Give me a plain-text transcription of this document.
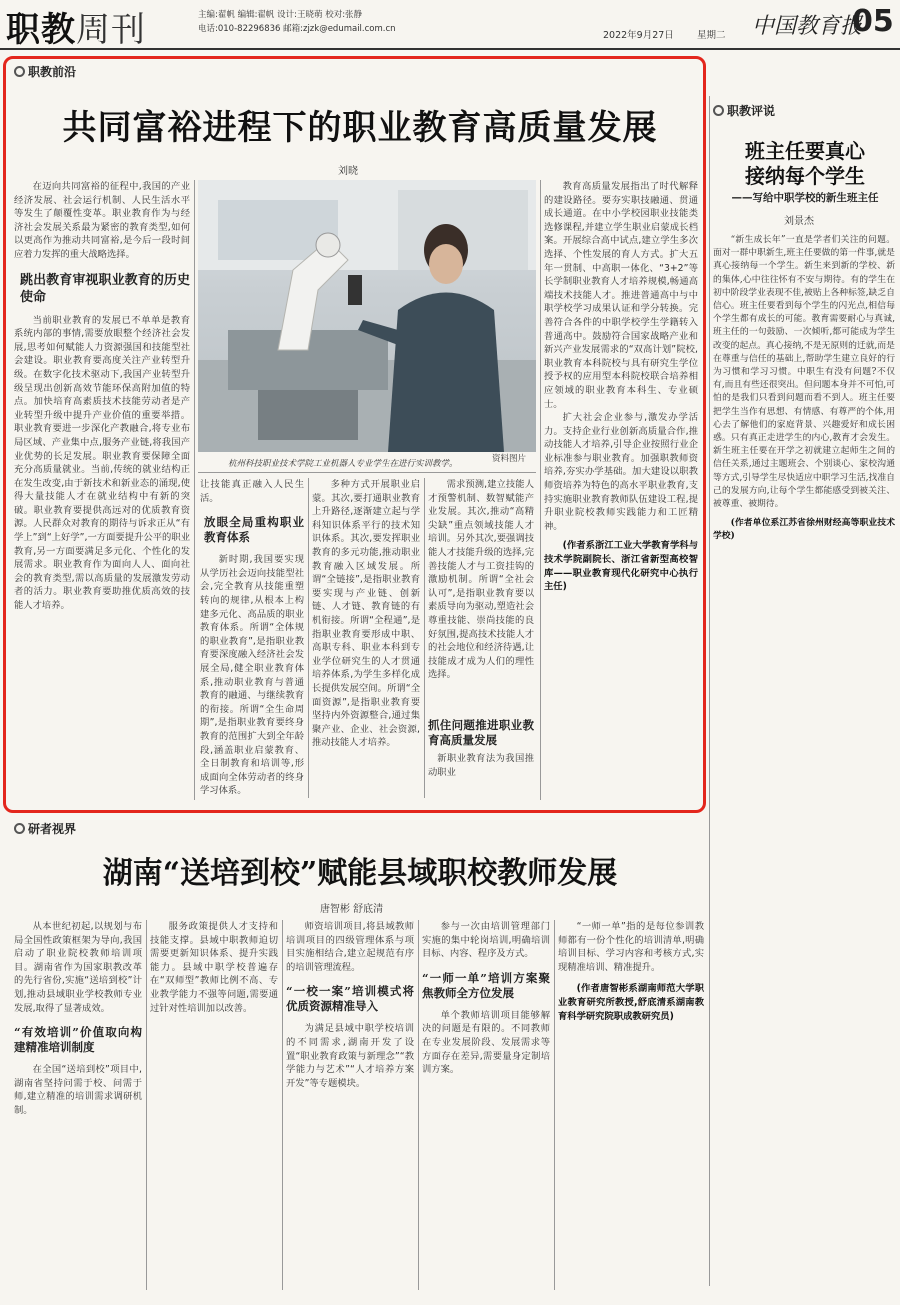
职教周刊	主编:翟帆 编辑:翟帆 设计:王晓萌 校对:张静
电话:010-82296836 邮箱:zjzk@edumail.com.cn
2022年9月27日 星期二 中国教育报
05
职教前沿
共同富裕进程下的职业教育高质量发展
刘晓

在迈向共同富裕的征程中,我国的产业经济发展、社会运行机制、人民生活水平等发生了颠覆性变革。职业教育作为与经济社会发展关系最为紧密的教育类型,如何以更高作为推动共同富裕,是今后一段时间应着力发挥的重大战略选择。

跳出教育审视职业教育的历史使命

当前职业教育的发展已不单单是教育系统内部的事情,需要放眼整个经济社会发展,思考如何赋能人力资源强国和技能型社会建设。职业教育要高度关注产业转型升级。在数字化技术驱动下,我国产业转型升级呈现出创新高效节能环保高附加值的特点。加快培育高素质技术技能劳动者是产业转型升级中提升产业价值的重要举措。职业教育要进一步深化产教融合,将专业布局区域、产业集中点,服务产业链,将我国产业优势的长足发展。职业教育要保障全面充分高质量就业。当前,传统的就业结构正在发生改变,由于新技术和新业态的涌现,使得大量技能人才在就业结构中有新的突破。职业教育要提供高远对的优质教育资源。人民群众对教育的期待与诉求正从“有学上”到“上好学”,一方面要提升公平的职业教育,另一方面要满足多元化、个性化的发展需求。职业教育作为面向人人、面向社会的教育类型,需以高质量的发展激发劳动者的活力。职业教育要助推优质高效的技能人才培养。

杭州科技职业技术学院工业机器人专业学生在进行实训教学。	资料图片

让技能真正融入人民生活。

放眼全局重构职业教育体系

新时期,我国要实现从学历社会迈向技能型社会,完全教育从技能重塑转向的规律,从根本上构建多元化、高品质的职业教育体系。所谓“全体规的职业教育”,是指职业教育要深度融入经济社会发展全局,健全职业教育体系,推动职业教育与普通教育的融通、与继续教育的衔接。所谓“全生命周期”,是指职业教育要终身教育的范围扩大到全年龄段,涵盖职业启蒙教育、全日制教育和培训等,形成面向全体劳动者的终身学习体系。

多种方式开展职业启蒙。其次,要打通职业教育上升路径,逐渐建立起与学科知识体系平行的技术知识体系。其次,要发挥职业教育的多元功能,推动职业教育融入区域发展。所谓“全链接”,是指职业教育要实现与产业链、创新链、人才链、教育链的有机衔接。所谓“全程通”,是指职业教育要形成中职、高职专科、职业本科到专业学位研究生的人才贯通培养体系,为学生多样化成长提供发展空间。所谓“全面资源”,是指职业教育要坚持内外资源整合,通过集聚产业、企业、社会资源,推动技能人才培养。

需求预测,建立技能人才预警机制、数智赋能产业发展。其次,推动“高精尖缺”重点领域技能人才培训。另外其次,要强调技能人才技能升级的选择,完善技能人才与工资挂钩的激励机制。所谓“全社会认可”,是指职业教育要以素质导向为驱动,塑造社会尊重技能、崇尚技能的良好氛围,提高技术技能人才的社会地位和经济待遇,让技能成才成为人们的理性选择。

抓住问题推进职业教育高质量发展

新职业教育法为我国推动职业

教育高质量发展指出了时代解释的建设路径。要夯实职技融通、贯通成长通道。在中小学校园职业技能类选修课程,并建立学生职业启蒙成长档案。开展综合高中试点,建立学生多次选择、个性发展的育人方式。扩大五年一贯制、中高职一体化、“3+2”等长学制职业教育人才培养规模,畅通高端技术技能人才。推进普通高中与中职学校学习成果认证和学分转换。完善符合各件的中职学校学生学籍转入普通高中。鼓励符合国家战略产业和新兴产业发展需求的“双高计划”院校,职业教育本科院校与具有研究生学位授予权的应用型本科院校联合培养相应领域的职业教育本科生、专业硕士。

扩大社会企业参与,激发办学活力。支持企业行业创新高质量合作,推动技能人才培养,引导企业按照行业企业标准参与职业教育。加强职教师资培养,夯实办学基础。加大建设以职教师资培养为特色的高水平职业教育,支持实施职业教育教师队伍建设工程,提升职业院校教师实践能力和工匠精神。

(作者系浙江工业大学教育学科与技术学院副院长、浙江省新型高校智库——职业教育现代化研究中心执行主任)

职教评说
班主任要真心
接纳每个学生
——写给中职学校的新生班主任
刘景杰

“新生成长年”一直是学者们关注的问题。面对一群中职新生,班主任要做的第一件事,就是真心接纳每一个学生。新生来到新的学校、新的集体,心中往往怀有不安与期待。有的学生在初中阶段学业表现不佳,被贴上各种标签,缺乏自信心。班主任要看到每个学生的闪光点,相信每个学生都有成长的可能。教育需要耐心与真诚,班主任的一句鼓励、一次倾听,都可能成为学生改变的起点。真心接纳,不是无原则的迁就,而是在尊重与信任的基础上,帮助学生建立良好的行为习惯和学习习惯。中职生有没有问题?不仅有,而且有些还很突出。但问题本身并不可怕,可怕的是我们只看到问题而看不到人。班主任要把学生当作有思想、有情感、有尊严的个体,用心去了解他们的家庭背景、兴趣爱好和成长困惑。只有真正走进学生的内心,教育才会发生。新生班主任要在开学之初就建立起师生之间的信任关系,通过主题班会、个别谈心、家校沟通等方式,引导学生尽快适应中职学习生活,找准自己的发展方向,让每个学生都能感受到被关注、被尊重、被期待。

(作者单位系江苏省徐州财经高等职业技术学校)

研者视界
湖南“送培到校”赋能县域职校教师发展
唐智彬 舒底清

从本世纪初起,以规划与布局全国性政策框架为导向,我国启动了职业院校教师培训项目。湖南省作为国家职教改革的先行省份,实施“送培到校”计划,推动县域职业学校教师专业发展,取得了显著成效。

“有效培训”价值取向构建精准培训制度

在全国“送培到校”项目中,湖南省坚持问需于校、问需于师,建立精准的培训需求调研机制。

服务政策提供人才支持和技能支撑。县域中职教师迫切需要更新知识体系、提升实践能力。县域中职学校普遍存在“双师型”教师比例不高、专业教学能力不强等问题,需要通过针对性培训加以改善。

师资培训项目,将县域教师培训项目的四级管理体系与项目实施相结合,建立起规范有序的培训管理流程。

“一校一案”培训模式将优质资源精准导入

为满足县域中职学校培训的不同需求,湖南开发了设置“职业教育政策与新理念”“教学能力与艺术”“人才培养方案开发”等专题模块。

参与一次由培训管理部门实施的集中轮岗培训,明确培训目标、内容、程序及方式。

“一师一单”培训方案聚焦教师全方位发展

单个教师培训项目能够解决的问题是有限的。不同教师在专业发展阶段、发展需求等方面存在差异,需要量身定制培训方案。

“一师一单”指的是每位参训教师都有一份个性化的培训清单,明确培训目标、学习内容和考核方式,实现精准培训、精准提升。

(作者唐智彬系湖南师范大学职业教育研究所教授,舒底清系湖南教育科学研究院职成教研究员)
